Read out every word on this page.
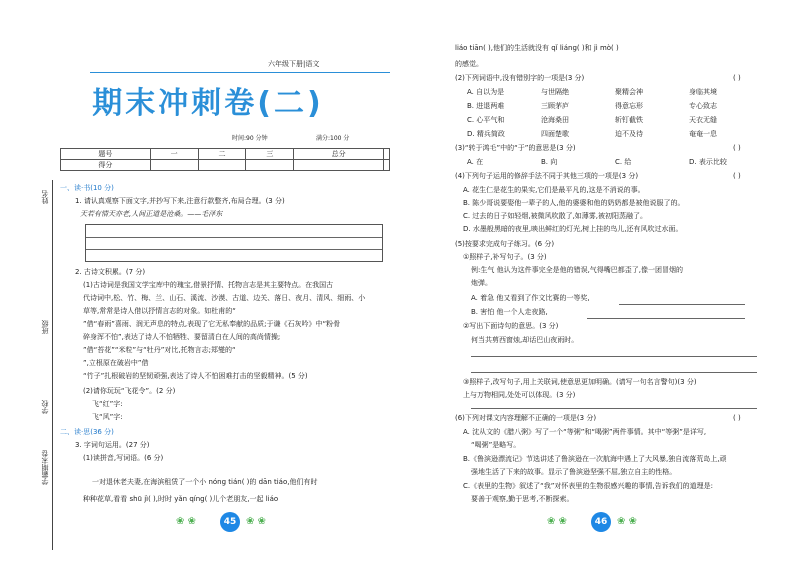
姓名
班级
学校
学霸期末卷
六年级下册|语文
期末冲刺卷(二)
时间:90 分钟	满分:100 分
题号	一	二	三	总分	
得分					
一、读·书(10 分)
1. 请认真观察下面文字,并抄写下来,注意行款整齐,布局合理。(3 分)
天若有情天亦老,人间正道是沧桑。——毛泽东
2. 古诗文积累。(7 分)
(1)古诗词是我国文学宝库中的瑰宝,借景抒情、托物言志是其主要特点。在我国古
代诗词中,松、竹、梅、兰、山石、溪流、沙漠、古道、边关、落日、夜月、清风、细雨、小
草等,常常是诗人借以抒情言志的对象。如杜甫的“
”借“春雨”喜雨、润无声息的特点,表现了它无私奉献的品质;于谦《石灰吟》中“粉骨
碎身浑不怕”,表达了诗人不怕牺牲、要留清白在人间的高尚情操;
”借“苔花”“米粒”与“牡丹”对比,托物言志;郑燮的“
”,立根原在破岩中”借
“竹子”扎根破岩的坚韧顽强,表达了诗人不怕困难打击的坚毅精神。(5 分)
(2)请你玩玩“飞花令”。(2 分)
飞“红”字:
飞“风”字:
二、读·思(36 分)
3. 字词句运用。(27 分)
(1)读拼音,写词语。(6 分)
一对退休老夫妻,在海滨租赁了一个小 nóng tián( )的 dān tiáo,他们有时
种种花草,看看 shū jì( ),时时 yǎn qíng( )儿个老朋友,一起 liáo
❀ ❀	45 ❀ ❀
liáo tiān( ),他们的生活就没有 qǐ liáng( )和 jì mò( )
的感觉。
(2)下列词语中,没有错别字的一项是(3 分)	( )
A. 自以为是	与世隔绝	聚精会神	身临其境
B. 进退两难	三顾茅庐	得意忘形	专心致志
C. 心平气和	沧海桑田	斩钉截铁	天衣无缝
D. 精兵简政	四面楚歌	迫不及待	奄奄一息
(3)“转于鸿毛”中的“于”的意思是(3 分)	( )
A. 在	B. 向	C. 给	D. 表示比较
(4)下列句子运用的修辞手法不同于其他三项的一项是(3 分)	( )
A. 花生仁是花生的果实,它们是最平凡的,这是不消说的事。
B. 陈少哥说要娶他一辈子的人,他的婆婆和他的奶奶都是被他说服了的。
C. 过去的日子如轻烟,被微风吹散了,如薄雾,被初阳蒸融了。
D. 水墨般黑暗的夜里,映出鲜红的灯光,树上挂的鸟儿,还有风吹过水面。
(5)按要求完成句子练习。(6 分)
①照样子,补写句子。(3 分)
例:生气 他认为这件事完全是他的错误,气得嘴巴都歪了,像一团冒烟的
炮弹。
A. 着急 他又看到了作文比赛的一等奖,
B. 害怕 他一个人走夜路,
②写出下面诗句的意思。(3 分)
何当共剪西窗烛,却话巴山夜雨时。
③照样子,改写句子,用上关联词,使意思更加明确。(请写一句名言警句)(3 分)
上与万物相同,处处可以体现。(3 分)
(6)下列对课文内容理解不正确的一项是(3 分)	( )
A. 沈从文的《腊八粥》写了一个“等粥”和“喝粥”两件事情。其中“等粥”是详写,
“喝粥”是略写。
B.《鲁滨逊漂流记》节选讲述了鲁滨逊在一次航海中遇上了大风暴,独自流落荒岛上,顽
强地生活了下来的故事。显示了鲁滨逊坚强不屈,独立自主的性格。
C.《表里的生物》叙述了“我”对怀表里的生物很感兴趣的事情,告诉我们的道理是:
要善于观察,勤于思考,不断探索。
❀ ❀	46 ❀ ❀
